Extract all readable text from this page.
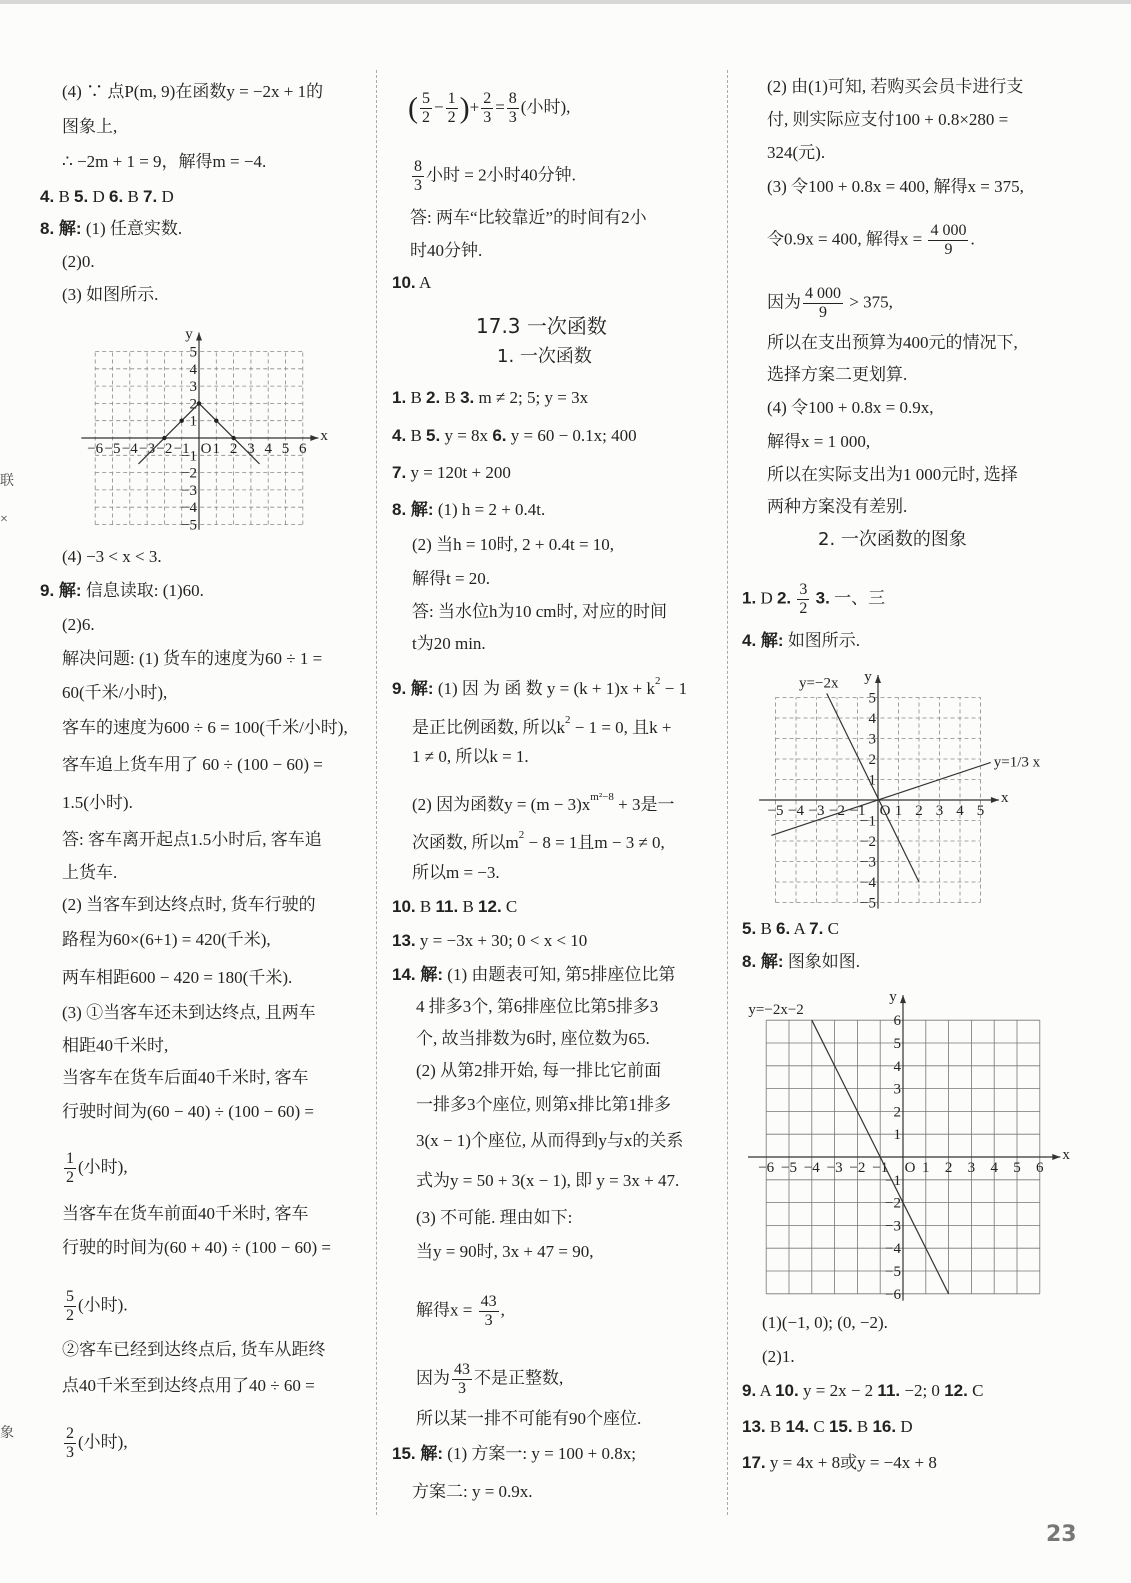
联
×
象
(4) ∵ 点P(m, 9)在函数y = −2x + 1的
图象上,
∴ −2m + 1 = 9，解得m = −4.
4. B 5. D 6. B 7. D
8. 解: (1) 任意实数.
(2)0.
(3) 如图所示.
(4) −3 < x < 3.
9. 解: 信息读取: (1)60.
(2)6.
解决问题: (1) 货车的速度为60 ÷ 1 =
60(千米/小时),
客车的速度为600 ÷ 6 = 100(千米/小时),
客车追上货车用了 60 ÷ (100 − 60) =
1.5(小时).
答: 客车离开起点1.5小时后, 客车追
上货车.
(2) 当客车到达终点时, 货车行驶的
路程为60×(6+1) = 420(千米),
两车相距600 − 420 = 180(千米).
(3) ①当客车还未到达终点, 且两车
相距40千米时,
当客车在货车后面40千米时, 客车
行驶时间为(60 − 40) ÷ (100 − 60) =
$\frac{1}{2}$ (小时),
当客车在货车前面40千米时, 客车
行驶的时间为(60 + 40) ÷ (100 − 60) =
$\frac{5}{2}$ (小时).
②客车已经到达终点后, 货车从距终
点40千米至到达终点用了40 ÷ 60 =
$\frac{2}{3}$ (小时),
( $\frac{5}{2} - \frac{1}{2}$ )+ $\frac{2}{3} = \frac{8}{3}$ (小时),
$\frac{8}{3}$ 小时 = 2小时40分钟.
答: 两车“比较靠近”的时间有2小
时40分钟.
10. A
17.3 一次函数
1. 一次函数
1. B 2. B 3. m ≠ 2; 5; y = 3x
4. B 5. y = 8x 6. y = 60 − 0.1x; 400
7. y = 120t + 200
8. 解: (1) h = 2 + 0.4t.
(2) 当h = 10时, 2 + 0.4t = 10,
解得t = 20.
答: 当水位h为10 cm时, 对应的时间
t为20 min.
9. 解: (1) 因 为 函 数 $y = (k + 1)x + k^2 - 1$
是正比例函数, 所以$k^2 - 1 = 0$, 且k +
1 ≠ 0, 所以k = 1.
(2) 因为函数$y = (m - 3)x^{m^2-8} + 3$是一
次函数, 所以$m^2 - 8 = 1$且m − 3 ≠ 0,
所以m = −3.
10. B 11. B 12. C
13. y = −3x + 30; 0 < x < 10
14. 解: (1) 由题表可知, 第5排座位比第
4 排多3个, 第6排座位比第5排多3
个, 故当排数为6时, 座位数为65.
(2) 从第2排开始, 每一排比它前面
一排多3个座位, 则第x排比第1排多
3(x − 1)个座位, 从而得到y与x的关系
式为y = 50 + 3(x − 1), 即 y = 3x + 47.
(3) 不可能. 理由如下:
当y = 90时, 3x + 47 = 90,
解得$x = \frac{43}{3}$ ,
因为 $\frac{43}{3}$ 不是正整数,
所以某一排不可能有90个座位.
15. 解: (1) 方案一: y = 100 + 0.8x;
方案二: y = 0.9x.
(2) 由(1)可知, 若购买会员卡进行支
付, 则实际应支付100 + 0.8×280 =
324(元).
(3) 令100 + 0.8x = 400, 解得x = 375,
令0.9x = 400, 解得$x = \frac{4 000}{9}$ .
因为 $\frac{4 000}{9} > 375$,
所以在支出预算为400元的情况下,
选择方案二更划算.
(4) 令100 + 0.8x = 0.9x,
解得x = 1 000,
所以在实际支出为1 000元时, 选择
两种方案没有差别.
2. 一次函数的图象
1. D 2. $\frac{3}{2} 3$. 一、三
4. 解: 如图所示.
5. B 6. A 7. C
8. 解: 图象如图.
(1)(−1, 0); (0, −2).
(2)1.
9. A 10. y = 2x − 2 11. −2; 0 12. C
13. B 14. C 15. B 16. D
17. y = 4x + 8或y = −4x + 8
−6 −5 −4 −3 −2 −1 1 2 3 4 5 6
−5
−4
−3
−2
−1
1
2
3
4
5
x
y
O
−5 −4 −3 −2 −1 1 2 3 4 5
−5
−4
−3
−2
−1
1
2
3
4
5
x
y
O
y=−2x
y=1/3 x
−6 −5 −4 −3 −2 −1 1 2 3 4 5 6
−6
−5
−4
−3
−2
−1
1
2
3
4
5
6
x
y
O
y=−2x−2
23
